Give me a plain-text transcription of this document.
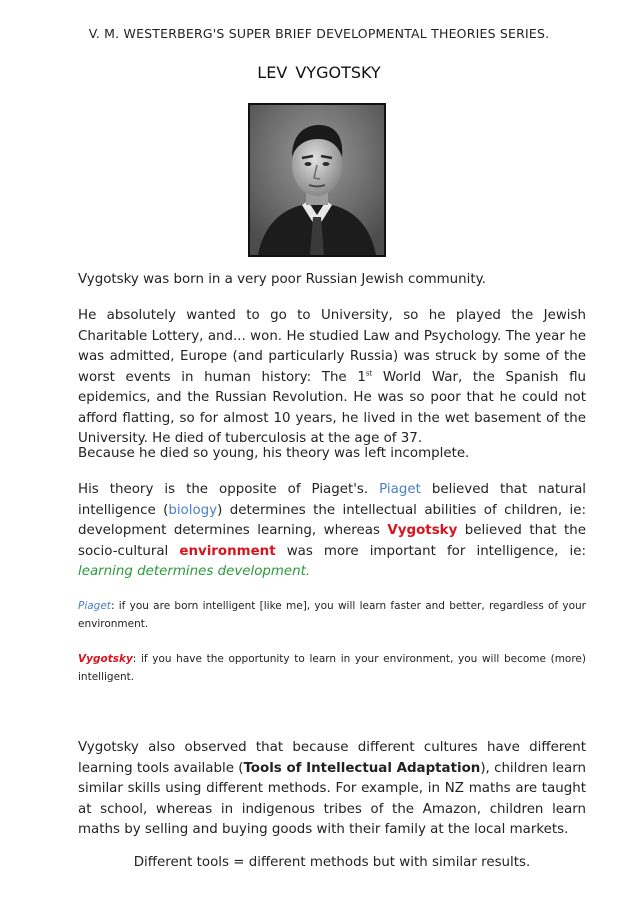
V. M. WESTERBERG'S SUPER BRIEF DEVELOPMENTAL THEORIES SERIES.
LEV VYGOTSKY

Vygotsky was born in a very poor Russian Jewish community.

He absolutely wanted to go to University, so he played the Jewish Charitable Lottery, and... won. He studied Law and Psychology. The year he was admitted, Europe (and particularly Russia) was struck by some of the worst events in human history: The 1st World War, the Spanish flu epidemics, and the Russian Revolution. He was so poor that he could not afford flatting, so for almost 10 years, he lived in the wet basement of the University. He died of tuberculosis at the age of 37.

Because he died so young, his theory was left incomplete.

His theory is the opposite of Piaget's. Piaget believed that natural intelligence (biology) determines the intellectual abilities of children, ie: development determines learning, whereas Vygotsky believed that the socio-cultural environment was more important for intelligence, ie: learning determines development.

Piaget: if you are born intelligent [like me], you will learn faster and better, regardless of your environment.

Vygotsky: if you have the opportunity to learn in your environment, you will become (more) intelligent.

Vygotsky also observed that because different cultures have different learning tools available (Tools of Intellectual Adaptation), children learn similar skills using different methods. For example, in NZ maths are taught at school, whereas in indigenous tribes of the Amazon, children learn maths by selling and buying goods with their family at the local markets.

Different tools = different methods but with similar results.
